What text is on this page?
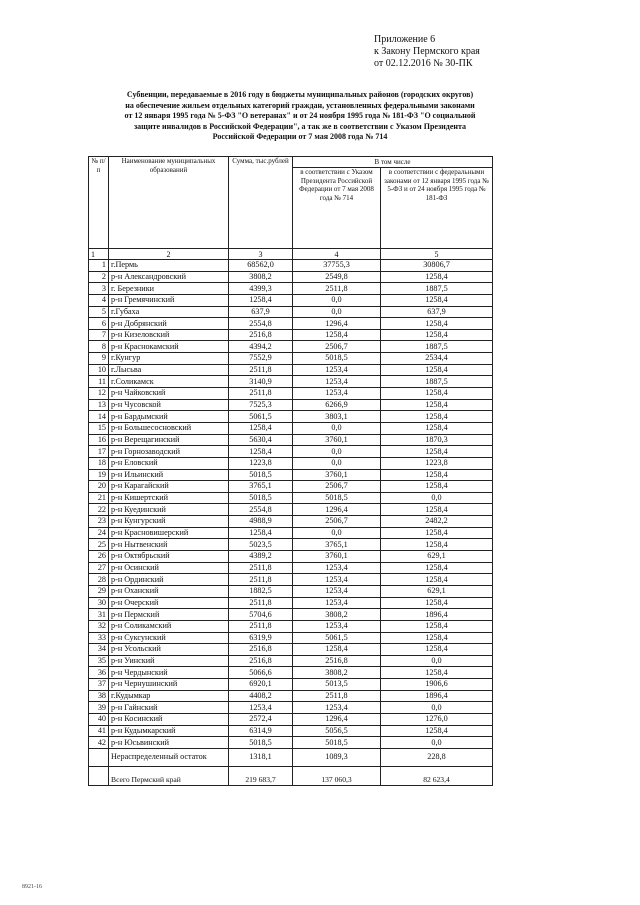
Приложение 6
к Закону Пермского края
от 02.12.2016 № 30-ПК
Субвенции, передаваемые в 2016 году в бюджеты муниципальных районов (городских округов)
на обеспечение жильем отдельных категорий граждан, установленных федеральными законами
от 12 января 1995 года № 5-ФЗ "О ветеранах" и от 24 ноября 1995 года № 181-ФЗ "О социальной
защите инвалидов в Российской Федерации", а так же в соответствии с Указом Президента
Российской Федерации от 7 мая 2008 года № 714
№ п/п	Наименование муниципальных образований	Сумма, тыс.рублей	В том числе	
			в соответствии с Указом Президента Российской Федерации от 7 мая 2008 года № 714	в соответствии с федеральными законами от 12 января 1995 года № 5-ФЗ и от 24 ноября 1995 года № 181-ФЗ
1	2	3	4	5
1	г.Пермь	68562,0	37755,3	30806,7
2	р-н Александровский	3808,2	2549,8	1258,4
3	г. Березники	4399,3	2511,8	1887,5
4	р-н Гремячинский	1258,4	0,0	1258,4
5	г.Губаха	637,9	0,0	637,9
6	р-н Добрянский	2554,8	1296,4	1258,4
7	р-н Кизеловский	2516,8	1258,4	1258,4
8	р-н Краснокамский	4394,2	2506,7	1887,5
9	г.Кунгур	7552,9	5018,5	2534,4
10	г.Лысьва	2511,8	1253,4	1258,4
11	г.Соликамск	3140,9	1253,4	1887,5
12	р-н Чайковский	2511,8	1253,4	1258,4
13	р-н Чусовской	7525,3	6266,9	1258,4
14	р-н Бардымский	5061,5	3803,1	1258,4
15	р-н Большесосновский	1258,4	0,0	1258,4
16	р-н Верещагинский	5630,4	3760,1	1870,3
17	р-н Горнозаводский	1258,4	0,0	1258,4
18	р-н Еловский	1223,8	0,0	1223,8
19	р-н Ильинский	5018,5	3760,1	1258,4
20	р-н Карагайский	3765,1	2506,7	1258,4
21	р-н Кишертский	5018,5	5018,5	0,0
22	р-н Куединский	2554,8	1296,4	1258,4
23	р-н Кунгурский	4988,9	2506,7	2482,2
24	р-н Красновишерский	1258,4	0,0	1258,4
25	р-н Нытвенский	5023,5	3765,1	1258,4
26	р-н Октябрьский	4389,2	3760,1	629,1
27	р-н Осинский	2511,8	1253,4	1258,4
28	р-н Ординский	2511,8	1253,4	1258,4
29	р-н Оханский	1882,5	1253,4	629,1
30	р-н Очерский	2511,8	1253,4	1258,4
31	р-н Пермский	5704,6	3808,2	1896,4
32	р-н Соликамский	2511,8	1253,4	1258,4
33	р-н Суксунский	6319,9	5061,5	1258,4
34	р-н Усольский	2516,8	1258,4	1258,4
35	р-н Уинский	2516,8	2516,8	0,0
36	р-н Чердынский	5066,6	3808,2	1258,4
37	р-н Чернушинский	6920,1	5013,5	1906,6
38	г.Кудымкар	4408,2	2511,8	1896,4
39	р-н Гайнский	1253,4	1253,4	0,0
40	р-н Косинский	2572,4	1296,4	1276,0
41	р-н Кудымкарский	6314,9	5056,5	1258,4
42	р-н Юсьвинский	5018,5	5018,5	0,0
	Нераспределенный остаток	1318,1	1089,3	228,8
	Всего Пермский край	219 683,7	137 060,3	82 623,4
8921-16
